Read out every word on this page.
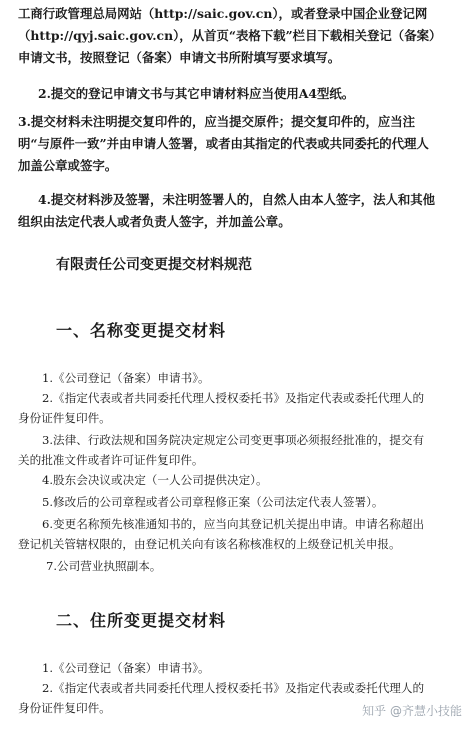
工商行政管理总局网站（http://saic.gov.cn），或者登录中国企业登记网
（http://qyj.saic.gov.cn），从首页“表格下载”栏目下载相关登记（备案）
申请文书，按照登记（备案）申请文书所附填写要求填写。
2.提交的登记申请文书与其它申请材料应当使用A4型纸。
3.提交材料未注明提交复印件的，应当提交原件；提交复印件的，应当注
明“与原件一致”并由申请人签署，或者由其指定的代表或共同委托的代理人
加盖公章或签字。
4.提交材料涉及签署，未注明签署人的，自然人由本人签字，法人和其他
组织由法定代表人或者负责人签字，并加盖公章。
有限责任公司变更提交材料规范
一、名称变更提交材料
1.《公司登记（备案）申请书》。
2.《指定代表或者共同委托代理人授权委托书》及指定代表或委托代理人的
身份证件复印件。
3.法律、行政法规和国务院决定规定公司变更事项必须报经批准的，提交有
关的批准文件或者许可证件复印件。
4.股东会决议或决定（一人公司提供决定）。
5.修改后的公司章程或者公司章程修正案（公司法定代表人签署）。
6.变更名称预先核准通知书的，应当向其登记机关提出申请。申请名称超出
登记机关管辖权限的，由登记机关向有该名称核准权的上级登记机关申报。
7.公司营业执照副本。
二、住所变更提交材料
1.《公司登记（备案）申请书》。
2.《指定代表或者共同委托代理人授权委托书》及指定代表或委托代理人的
身份证件复印件。	知乎 @齐慧小技能
